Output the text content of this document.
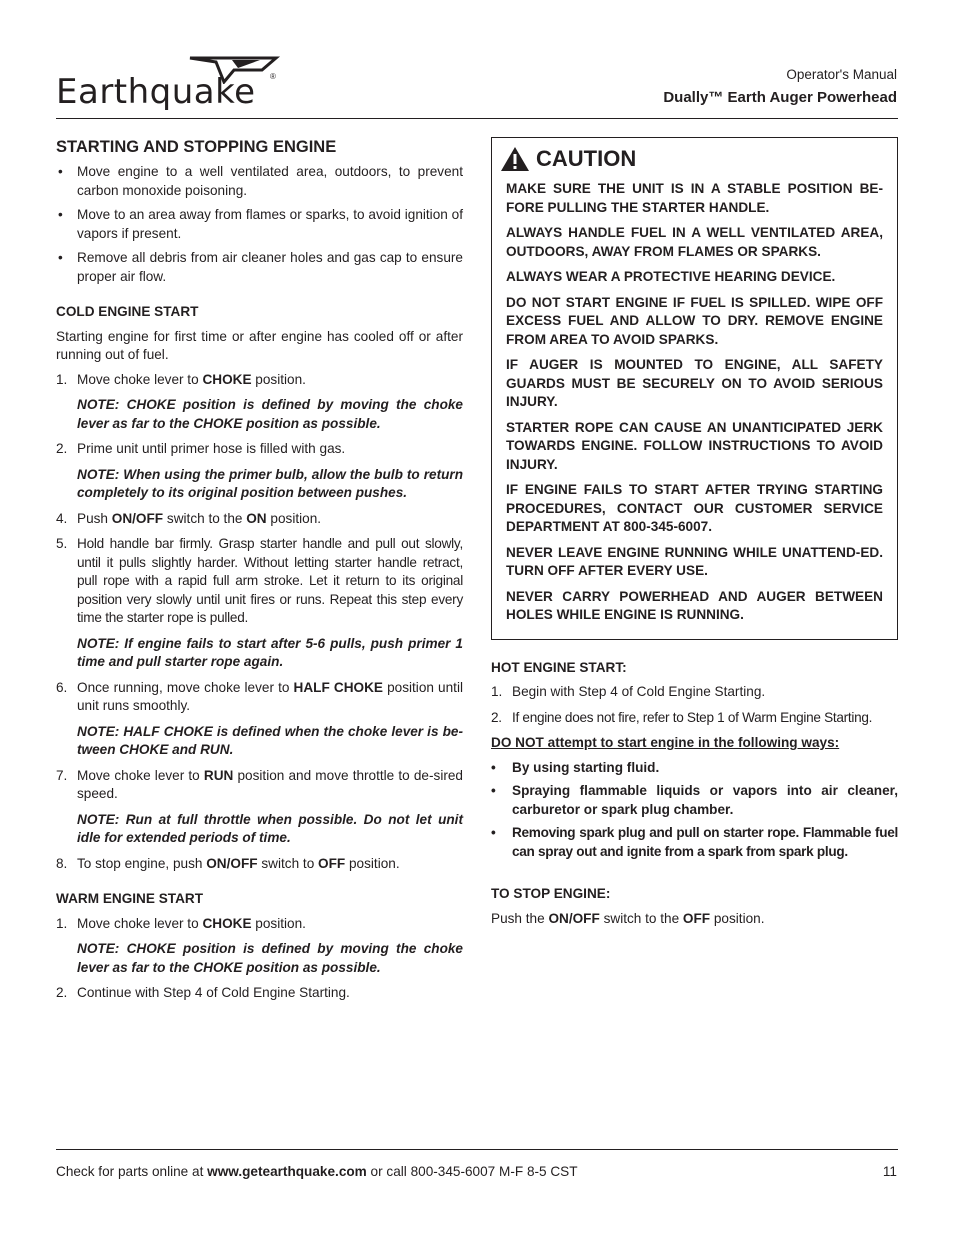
Earthquake ®	Operator's Manual
Dually™ Earth Auger Powerhead
STARTING AND STOPPING ENGINE
• Move engine to a well ventilated area, outdoors, to prevent carbon monoxide poisoning.
• Move to an area away from flames or sparks, to avoid ignition of vapors if present.
• Remove all debris from air cleaner holes and gas cap to ensure proper air flow.
COLD ENGINE START
Starting engine for first time or after engine has cooled off or after running out of fuel.
1. Move choke lever to CHOKE position.
NOTE: CHOKE position is defined by moving the choke lever as far to the CHOKE position as possible.
2. Prime unit until primer hose is filled with gas.
NOTE: When using the primer bulb, allow the bulb to return completely to its original position between pushes.
4. Push ON/OFF switch to the ON position.
5. Hold handle bar firmly. Grasp starter handle and pull out slowly, until it pulls slightly harder. Without letting starter handle retract, pull rope with a rapid full arm stroke. Let it return to its original position very slowly until unit fires or runs. Repeat this step every time the starter rope is pulled.
NOTE: If engine fails to start after 5-6 pulls, push primer 1 time and pull starter rope again.
6. Once running, move choke lever to HALF CHOKE position until unit runs smoothly.
NOTE: HALF CHOKE is defined when the choke lever is be-tween CHOKE and RUN.
7. Move choke lever to RUN position and move throttle to de-sired speed.
NOTE: Run at full throttle when possible. Do not let unit idle for extended periods of time.
8. To stop engine, push ON/OFF switch to OFF position.
WARM ENGINE START
1. Move choke lever to CHOKE position.
NOTE: CHOKE position is defined by moving the choke lever as far to the CHOKE position as possible.
2. Continue with Step 4 of Cold Engine Starting.
CAUTION
MAKE SURE THE UNIT IS IN A STABLE POSITION BE-FORE PULLING THE STARTER HANDLE.
ALWAYS HANDLE FUEL IN A WELL VENTILATED AREA, OUTDOORS, AWAY FROM FLAMES OR SPARKS.
ALWAYS WEAR A PROTECTIVE HEARING DEVICE.
DO NOT START ENGINE IF FUEL IS SPILLED. WIPE OFF EXCESS FUEL AND ALLOW TO DRY. REMOVE ENGINE FROM AREA TO AVOID SPARKS.
IF AUGER IS MOUNTED TO ENGINE, ALL SAFETY GUARDS MUST BE SECURELY ON TO AVOID SERIOUS INJURY.
STARTER ROPE CAN CAUSE AN UNANTICIPATED JERK TOWARDS ENGINE. FOLLOW INSTRUCTIONS TO AVOID INJURY.
IF ENGINE FAILS TO START AFTER TRYING STARTING PROCEDURES, CONTACT OUR CUSTOMER SERVICE DEPARTMENT AT 800-345-6007.
NEVER LEAVE ENGINE RUNNING WHILE UNATTEND-ED. TURN OFF AFTER EVERY USE.
NEVER CARRY POWERHEAD AND AUGER BETWEEN HOLES WHILE ENGINE IS RUNNING.
HOT ENGINE START:
1. Begin with Step 4 of Cold Engine Starting.
2. If engine does not fire, refer to Step 1 of Warm Engine Starting.
DO NOT attempt to start engine in the following ways:
• By using starting fluid.
• Spraying flammable liquids or vapors into air cleaner, carburetor or spark plug chamber.
• Removing spark plug and pull on starter rope. Flammable fuel can spray out and ignite from a spark from spark plug.
TO STOP ENGINE:
Push the ON/OFF switch to the OFF position.
Check for parts online at www.getearthquake.com or call 800-345-6007 M-F 8-5 CST	11
